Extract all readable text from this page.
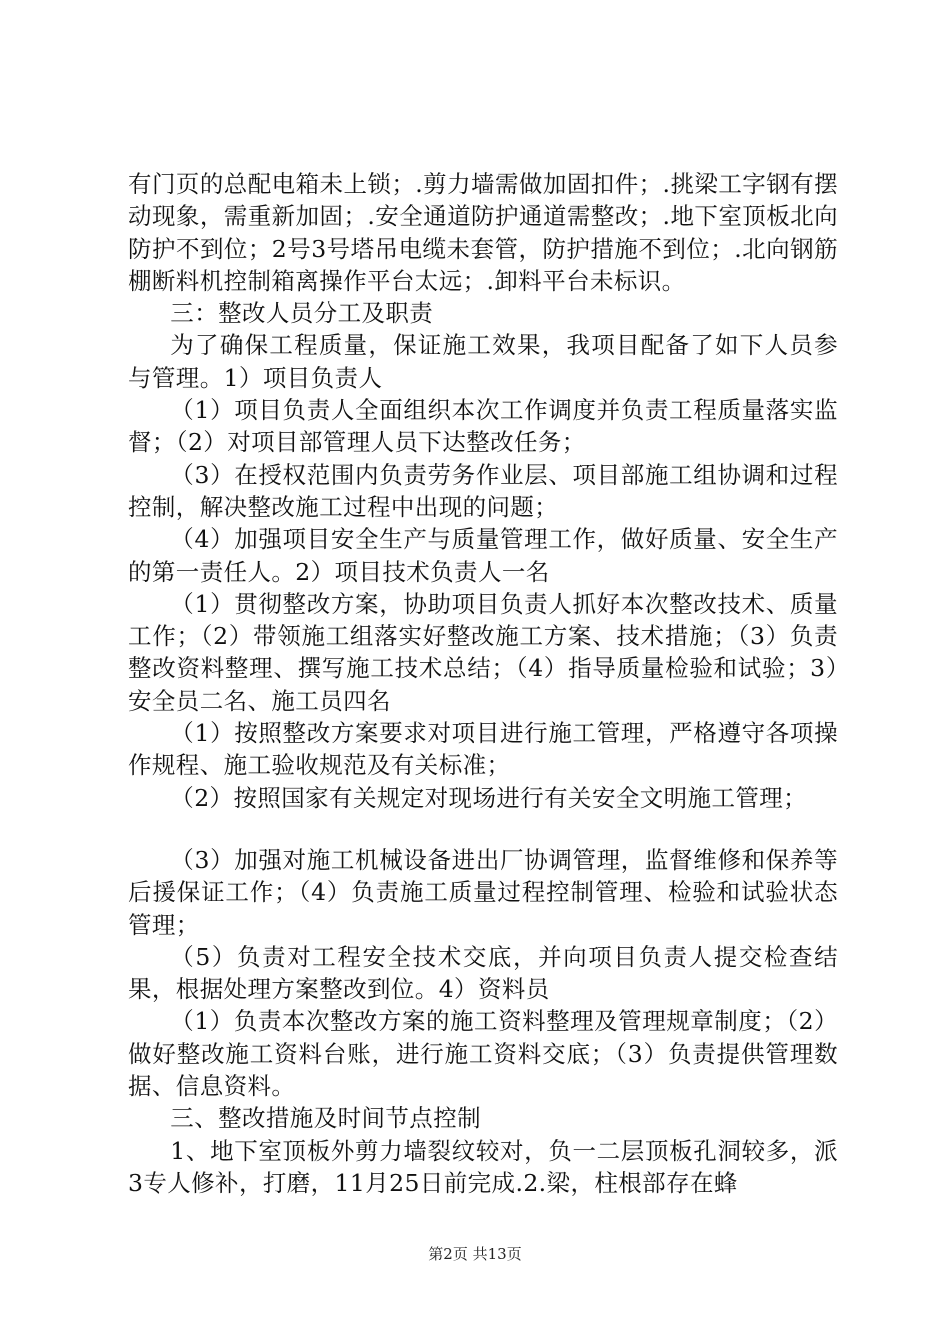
有门页的总配电箱未上锁；.剪力墙需做加固扣件；.挑梁工字钢有摆动现象，需重新加固；.安全通道防护通道需整改；.地下室顶板北向防护不到位；2号3号塔吊电缆未套管，防护措施不到位；.北向钢筋棚断料机控制箱离操作平台太远；.卸料平台未标识。

三：整改人员分工及职责

为了确保工程质量，保证施工效果，我项目配备了如下人员参与管理。1）项目负责人

（1）项目负责人全面组织本次工作调度并负责工程质量落实监督；（2）对项目部管理人员下达整改任务；

（3）在授权范围内负责劳务作业层、项目部施工组协调和过程控制，解决整改施工过程中出现的问题；

（4）加强项目安全生产与质量管理工作，做好质量、安全生产的第一责任人。2）项目技术负责人一名

（1）贯彻整改方案，协助项目负责人抓好本次整改技术、质量工作；（2）带领施工组落实好整改施工方案、技术措施；（3）负责整改资料整理、撰写施工技术总结；（4）指导质量检验和试验；3）安全员二名、施工员四名

（1）按照整改方案要求对项目进行施工管理，严格遵守各项操作规程、施工验收规范及有关标准；

（2）按照国家有关规定对现场进行有关安全文明施工管理；

（3）加强对施工机械设备进出厂协调管理，监督维修和保养等后援保证工作；（4）负责施工质量过程控制管理、检验和试验状态管理；

（5）负责对工程安全技术交底，并向项目负责人提交检查结果，根据处理方案整改到位。4）资料员

（1）负责本次整改方案的施工资料整理及管理规章制度；（2）做好整改施工资料台账，进行施工资料交底；（3）负责提供管理数据、信息资料。

三、整改措施及时间节点控制

1、地下室顶板外剪力墙裂纹较对，负一二层顶板孔洞较多，派3专人修补，打磨，11月25日前完成.2.梁，柱根部存在蜂

第2页 共13页
